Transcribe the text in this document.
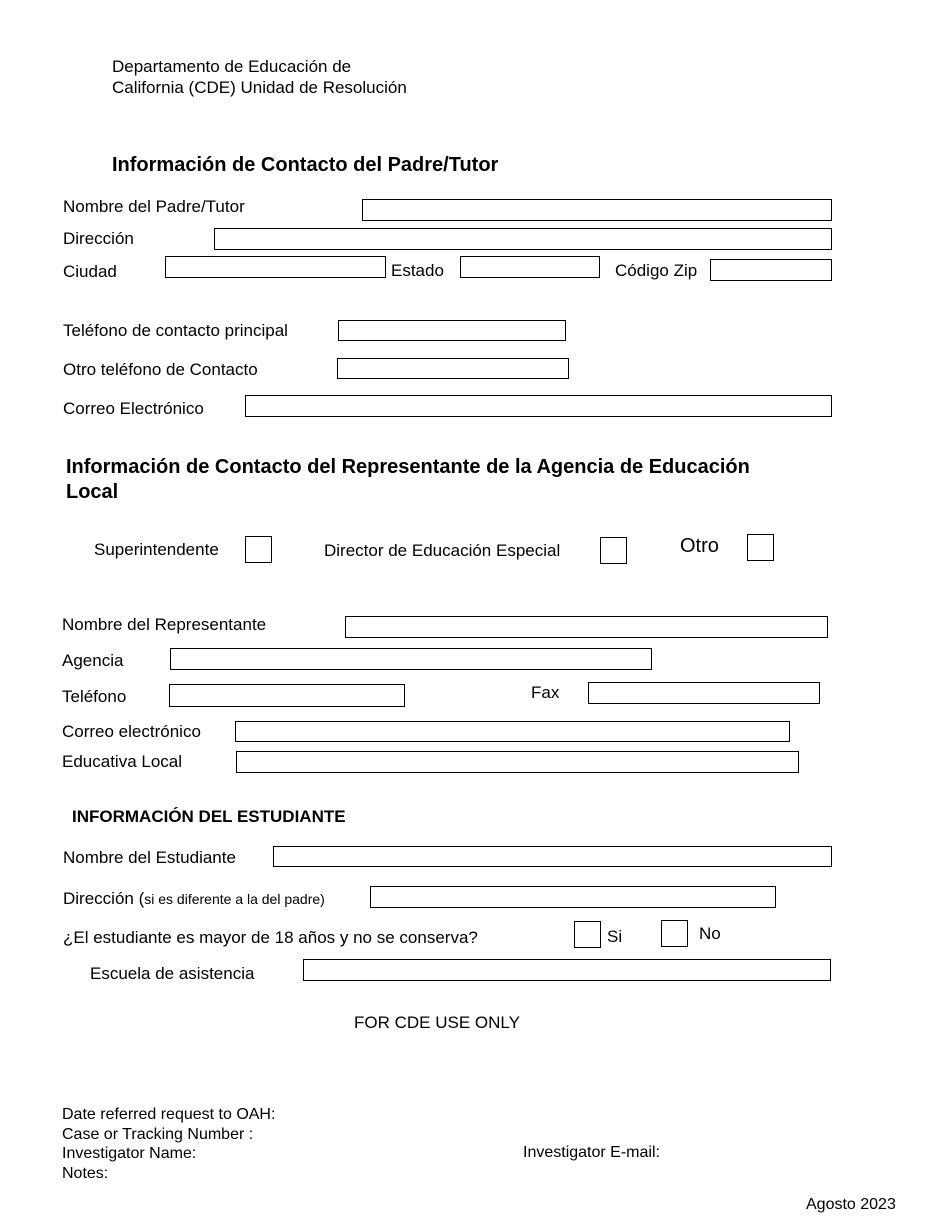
Departamento de Educación de
California (CDE) Unidad de Resolución
Información de Contacto del Padre/Tutor
Nombre del Padre/Tutor
Dirección
Ciudad	Estado	Código Zip
Teléfono de contacto principal
Otro teléfono de Contacto
Correo Electrónico
Información de Contacto del Representante de la Agencia de Educación
Local
Superintendente	Director de Educación Especial	Otro
Nombre del Representante
Agencia
Teléfono	Fax
Correo electrónico
Educativa Local
INFORMACIÓN DEL ESTUDIANTE
Nombre del Estudiante
Dirección (si es diferente a la del padre)
¿El estudiante es mayor de 18 años y no se conserva?	Si	No
Escuela de asistencia
FOR CDE USE ONLY
Date referred request to OAH:
Case or Tracking Number :
Investigator Name:	Investigator E-mail:
Notes:
Agosto 2023
